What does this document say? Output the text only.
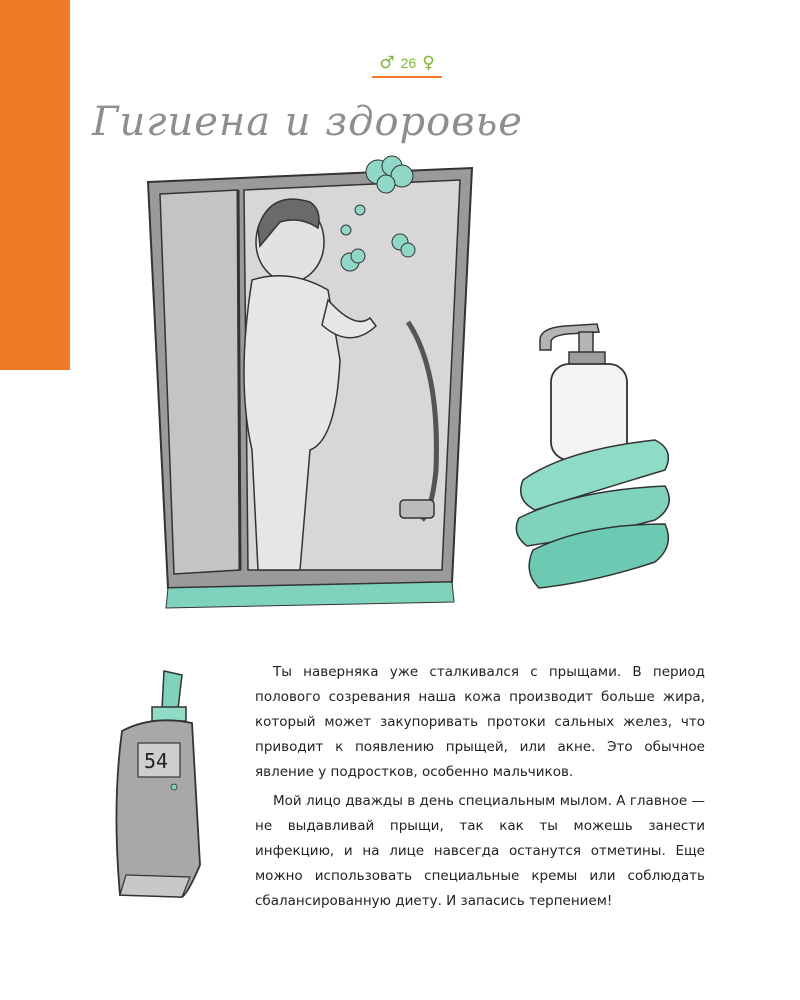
♂ 26 ♀
Гигиена и здоровье
54

Ты наверняка уже сталкивался с прыщами. В период полового созревания наша кожа производит больше жира, который может закупоривать протоки сальных желез, что приводит к появлению прыщей, или акне. Это обычное явление у подростков, особенно мальчиков.

Мой лицо дважды в день специальным мылом. А главное — не выдавливай прыщи, так как ты можешь занести инфекцию, и на лице навсегда останутся отметины. Еще можно использовать специальные кремы или соблюдать сбалансированную диету. И запасись терпением!
